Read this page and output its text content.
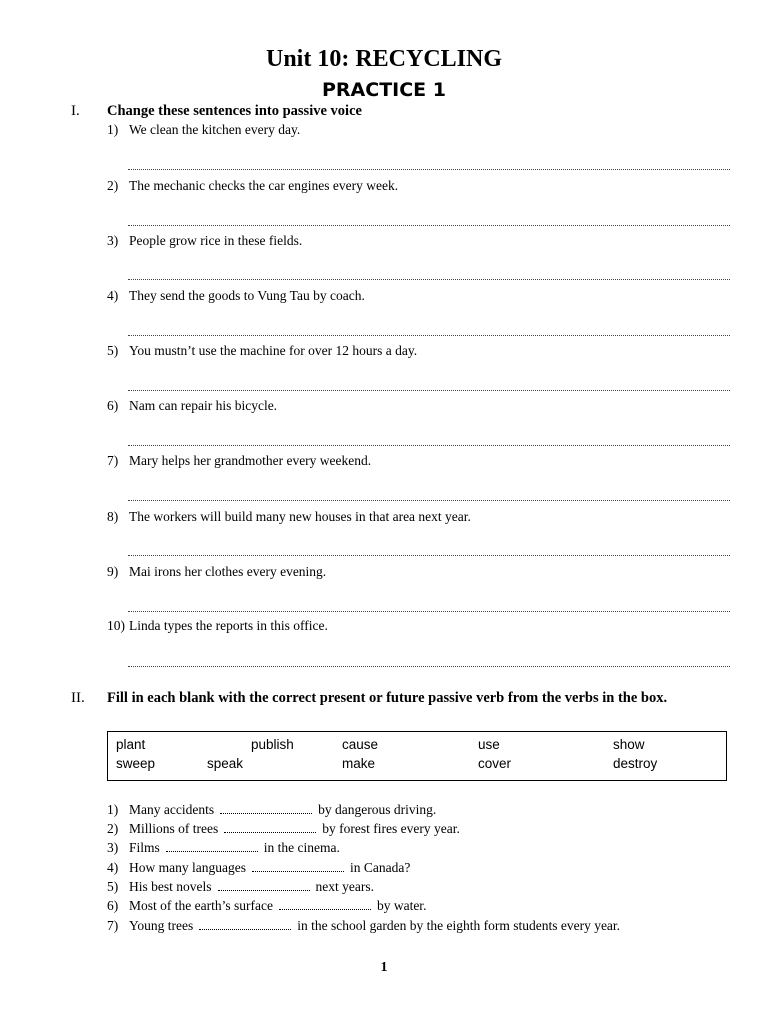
Unit 10: RECYCLING
PRACTICE 1
I. Change these sentences into passive voice
1) We clean the kitchen every day.
2) The mechanic checks the car engines every week.
3) People grow rice in these fields.
4) They send the goods to Vung Tau by coach.
5) You mustn’t use the machine for over 12 hours a day.
6) Nam can repair his bicycle.
7) Mary helps her grandmother every weekend.
8) The workers will build many new houses in that area next year.
9) Mai irons her clothes every evening.
10) Linda types the reports in this office.
II. Fill in each blank with the correct present or future passive verb from the verbs in the box.
plant	publish	cause	use	show
sweep	speak	make	cover	destroy
1) Many accidents	by dangerous driving.
2) Millions of trees	by forest fires every year.
3) Films	in the cinema.
4) How many languages	in Canada?
5) His best novels	next years.
6) Most of the earth’s surface	by water.
7) Young trees	in the school garden by the eighth form students every year.
1
